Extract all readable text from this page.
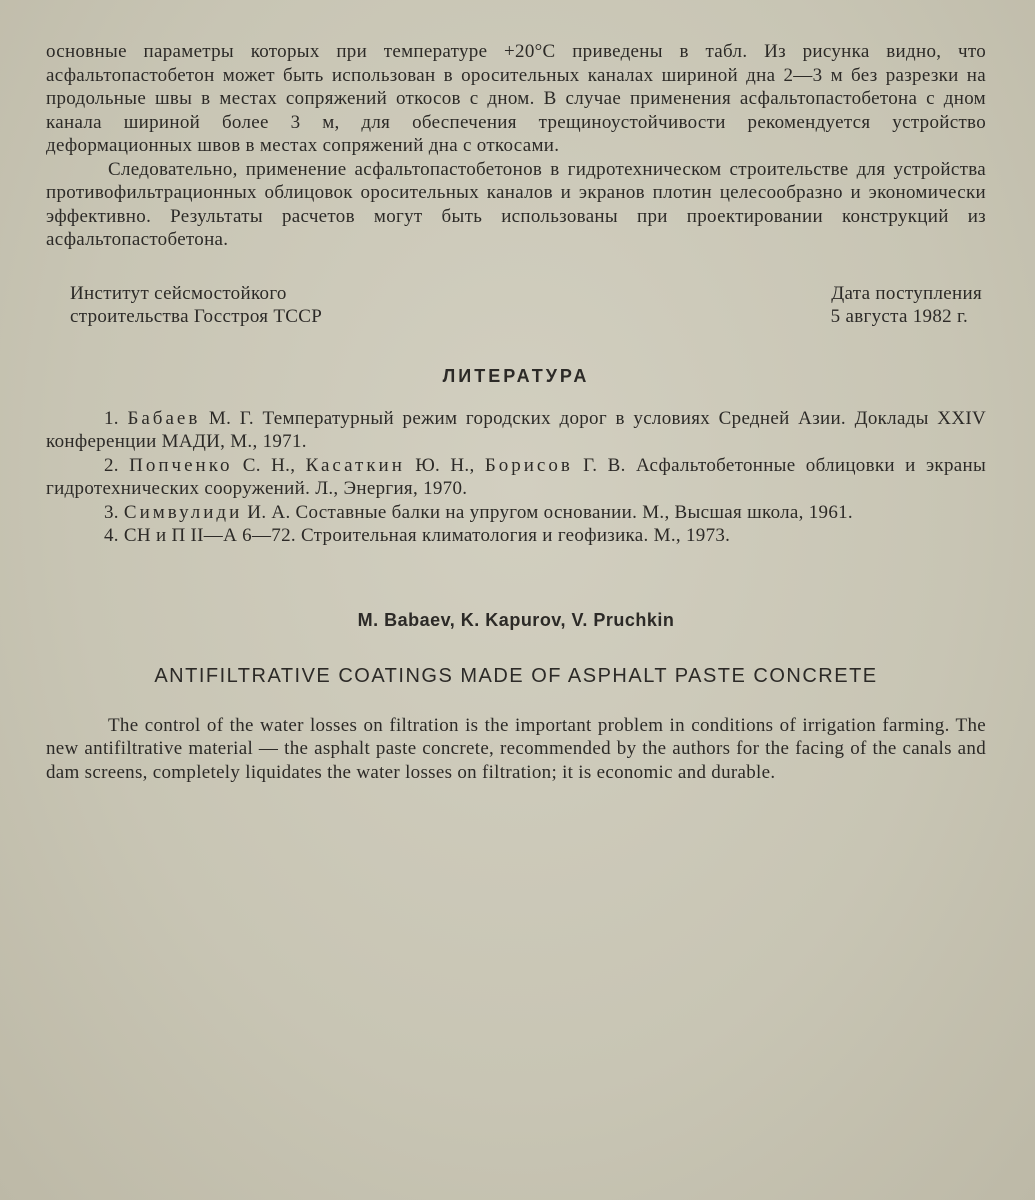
основные параметры которых при температуре +20°С приведены в табл. Из рисунка видно, что асфальтопастобетон может быть использован в оросительных каналах шириной дна 2—3 м без разрезки на продольные швы в местах сопряжений откосов с дном. В случае применения асфальтопастобетона с дном канала шириной более 3 м, для обеспечения трещиноустойчивости рекомендуется устройство деформационных швов в местах сопряжений дна с откосами.

Следовательно, применение асфальтопастобетонов в гидротехническом строительстве для устройства противофильтрационных облицовок оросительных каналов и экранов плотин целесообразно и экономически эффективно. Результаты расчетов могут быть использованы при проектировании конструкций из асфальтопастобетона.

Институт сейсмостойкого
строительства Госстроя ТССР
Дата поступления
5 августа 1982 г.
ЛИТЕРАТУРА
1. Бабаев М. Г. Температурный режим городских дорог в условиях Средней Азии. Доклады XXIV конференции МАДИ, М., 1971.
2. Попченко С. Н., Касаткин Ю. Н., Борисов Г. В. Асфальтобетонные облицовки и экраны гидротехнических сооружений. Л., Энергия, 1970.
3. Симвулиди И. А. Составные балки на упругом основании. М., Высшая школа, 1961.
4. СН и П II—А 6—72. Строительная климатология и геофизика. М., 1973.
M. Babaev, K. Kapurov, V. Pruchkin
ANTIFILTRATIVE COATINGS MADE OF ASPHALT PASTE CONCRETE

The control of the water losses on filtration is the important problem in conditions of irrigation farming. The new antifiltrative material — the asphalt paste concrete, recommended by the authors for the facing of the canals and dam screens, completely liquidates the water losses on filtration; it is economic and durable.
